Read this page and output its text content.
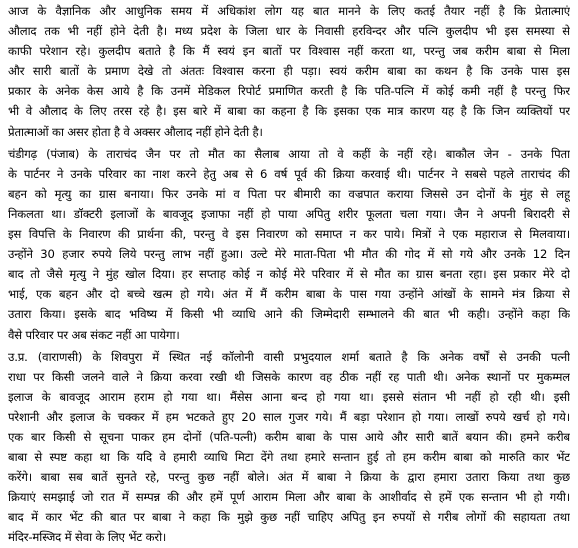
आज के वैज्ञानिक और आधुनिक समय में अधिकांश लोग यह बात मानने के लिए कतई तैयार नहीं है कि प्रेतात्माएं
औलाद तक भी नहीं होने देती है। मध्य प्रदेश के जिला धार के निवासी हरविन्दर और पत्नि कुलदीप भी इस समस्या से
काफी परेशान रहे। कुलदीप बताते है कि मैं स्वयं इन बातों पर विश्वास नहीं करता था, परन्तु जब करीम बाबा से मिला
और सारी बातों के प्रमाण देखे तो अंततः विश्वास करना ही पड़ा। स्वयं करीम बाबा का कथन है कि उनके पास इस
प्रकार के अनेक केस आये है कि उनमें मेडिकल रिपोर्ट प्रमाणित करती है कि पति-पत्नि में कोई कमी नहीं है परन्तु फिर
भी वे औलाद के लिए तरस रहे है। इस बारे में बाबा का कहना है कि इसका एक मात्र कारण यह है कि जिन व्यक्तियों पर
प्रेतात्माओं का असर होता है वे अक्सर औलाद नहीं होने देती है।
चंडीगढ़ (पंजाब) के ताराचंद जैन पर तो मौत का सैलाब आया तो वे कहीं के नहीं रहे। बाकौल जेन - उनके पिता
के पार्टनर ने उनके परिवार का नाश करने हेतु अब से 6 वर्ष पूर्व की क्रिया करवाई थी। पार्टनर ने सबसे पहले ताराचंद की
बहन को मृत्यु का ग्रास बनाया। फिर उनके मां व पिता पर बीमारी का वज्रपात कराया जिससे उन दोनों के मुंह से लहू
निकलता था। डॉक्टरी इलाजों के बावजूद इजाफा नहीं हो पाया अपितु शरीर फूलता चला गया। जैन ने अपनी बिरादरी से
इस विपत्ति के निवारण की प्रार्थना की, परन्तु वे इस निवारण को समाप्त न कर पाये। मित्रों ने एक महाराज से मिलवाया।
उन्होंने 30 हजार रुपये लिये परन्तु लाभ नहीं हुआ। उल्टे मेरे माता-पिता भी मौत की गोद में सो गये और उनके 12 दिन
बाद तो जैसे मृत्यु ने मुंह खोल दिया। हर सप्ताह कोई न कोई मेरे परिवार में से मौत का ग्रास बनता रहा। इस प्रकार मेरे दो
भाई, एक बहन और दो बच्चे खत्म हो गये। अंत में मैं करीम बाबा के पास गया उन्होंने आंखों के सामने मंत्र क्रिया से
उतारा किया। इसके बाद भविष्य में किसी भी व्याधि आने की जिम्मेदारी सम्भालने की बात भी कही। उन्होंने कहा कि
वैसे परिवार पर अब संकट नहीं आ पायेगा।
उ.प्र. (वाराणसी) के शिवपुरा में स्थित नई कॉलोनी वासी प्रभुदयाल शर्मा बताते है कि अनेक वर्षों से उनकी पत्नी
राधा पर किसी जलने वाले ने क्रिया करवा रखी थी जिसके कारण वह ठीक नहीं रह पाती थी। अनेक स्थानों पर मुकम्मल
इलाज के बावजूद आराम हराम हो गया था। मैंसेस आना बन्द हो गया था। इससे संतान भी नहीं हो रही थी। इसी
परेशानी और इलाज के चक्कर में हम भटकते हुए 20 साल गुजर गये। मैं बड़ा परेशान हो गया। लाखों रुपये खर्च हो गये।
एक बार किसी से सूचना पाकर हम दोनों (पति-पत्नी) करीम बाबा के पास आये और सारी बातें बयान की। हमने करीब
बाबा से स्पष्ट कहा था कि यदि वे हमारी व्याधि मिटा देंगे तथा हमारे सन्तान हुई तो हम करीम बाबा को मारुति कार भेंट
करेंगे। बाबा सब बातें सुनते रहे, परन्तु कुछ नहीं बोले। अंत में बाबा ने क्रिया के द्वारा हमारा उतारा किया तथा कुछ
क्रियाएं समझाई जो रात में सम्पन्न की और हमें पूर्ण आराम मिला और बाबा के आशीर्वाद से हमें एक सन्तान भी हो गयी।
बाद में कार भेंट की बात पर बाबा ने कहा कि मुझे कुछ नहीं चाहिए अपितु इन रुपयों से गरीब लोगों की सहायता तथा
मंदिर-मस्जिद में सेवा के लिए भेंट करो।
